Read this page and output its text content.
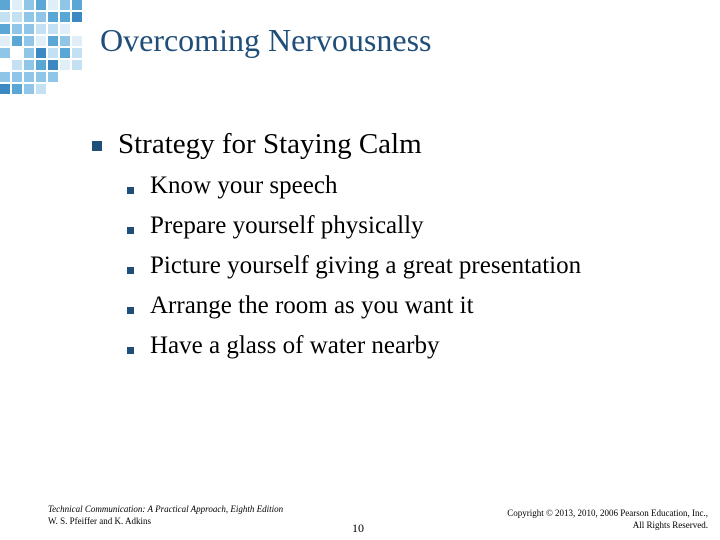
Overcoming Nervousness
Strategy for Staying Calm
Know your speech
Prepare yourself physically
Picture yourself giving a great presentation
Arrange the room as you want it
Have a glass of water nearby
Technical Communication: A Practical Approach, Eighth Edition
W. S. Pfeiffer and K. Adkins	10
Copyright © 2013, 2010, 2006 Pearson Education, Inc.,
All Rights Reserved.
